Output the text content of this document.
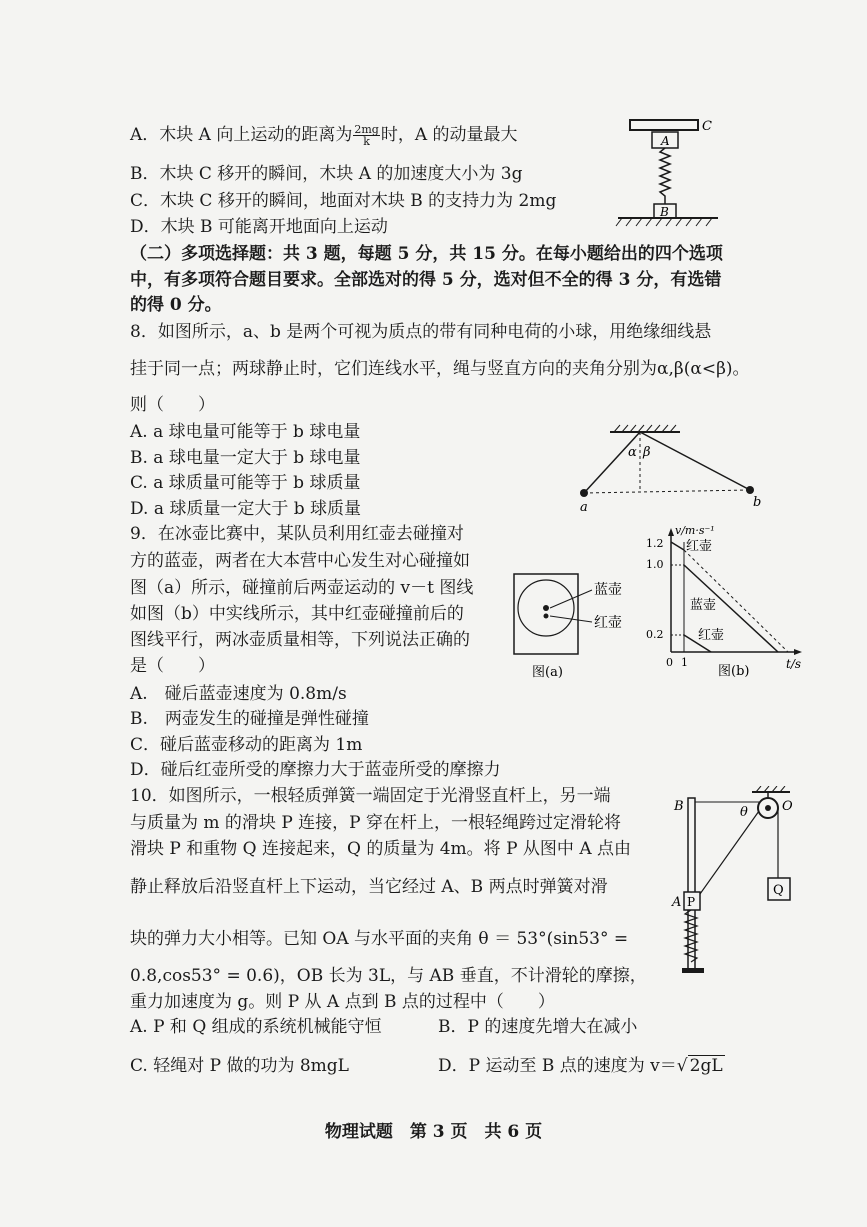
A．木块 A 向上运动的距离为 $\frac{2mg}{k}$ 时，A 的动量最大
B．木块 C 移开的瞬间，木块 A 的加速度大小为 3g
C．木块 C 移开的瞬间，地面对木块 B 的支持力为 2mg
D．木块 B 可能离开地面向上运动
C
A
B
（二）多项选择题：共 3 题，每题 5 分，共 15 分。在每小题给出的四个选项
中，有多项符合题目要求。全部选对的得 5 分，选对但不全的得 3 分，有选错
的得 0 分。
8．如图所示，a、b 是两个可视为质点的带有同种电荷的小球，用绝缘细线悬
挂于同一点；两球静止时，它们连线水平，绳与竖直方向的夹角分别为α,β(α<β)。
则（　　）
A. a 球电量可能等于 b 球电量
B. a 球电量一定大于 b 球电量
C. a 球质量可能等于 b 球质量
D. a 球质量一定大于 b 球质量
α β
a	b
9．在冰壶比赛中，某队员利用红壶去碰撞对
方的蓝壶，两者在大本营中心发生对心碰撞如
图（a）所示，碰撞前后两壶运动的 v－t 图线
如图（b）中实线所示，其中红壶碰撞前后的
图线平行，两冰壶质量相等，下列说法正确的
是（　　）
A.　碰后蓝壶速度为 0.8m/s
B.　两壶发生的碰撞是弹性碰撞
C．碰后蓝壶移动的距离为 1m
D．碰后红壶所受的摩擦力大于蓝壶所受的摩擦力
蓝壶
红壶
图(a)
v/m·s⁻¹
t/s
1.2
1.0
0.2
0 1
红壶
蓝壶
红壶
图(b)
10．如图所示，一根轻质弹簧一端固定于光滑竖直杆上，另一端
与质量为 m 的滑块 P 连接，P 穿在杆上，一根轻绳跨过定滑轮将
滑块 P 和重物 Q 连接起来，Q 的质量为 4m。将 P 从图中 A 点由
静止释放后沿竖直杆上下运动，当它经过 A、B 两点时弹簧对滑
块的弹力大小相等。已知 OA 与水平面的夹角 θ ＝ 53°(sin53° =
0.8,cos53° = 0.6)，OB 长为 3L，与 AB 垂直，不计滑轮的摩擦，
重力加速度为 g。则 P 从 A 点到 B 点的过程中（　　）
A. P 和 Q 组成的系统机械能守恒	B．P 的速度先增大在减小
C. 轻绳对 P 做的功为 8mgL	D．P 运动至 B 点的速度为 v＝√ 2gL
B	O
θ
Q
P
A
物理试题　第 3 页　共 6 页
